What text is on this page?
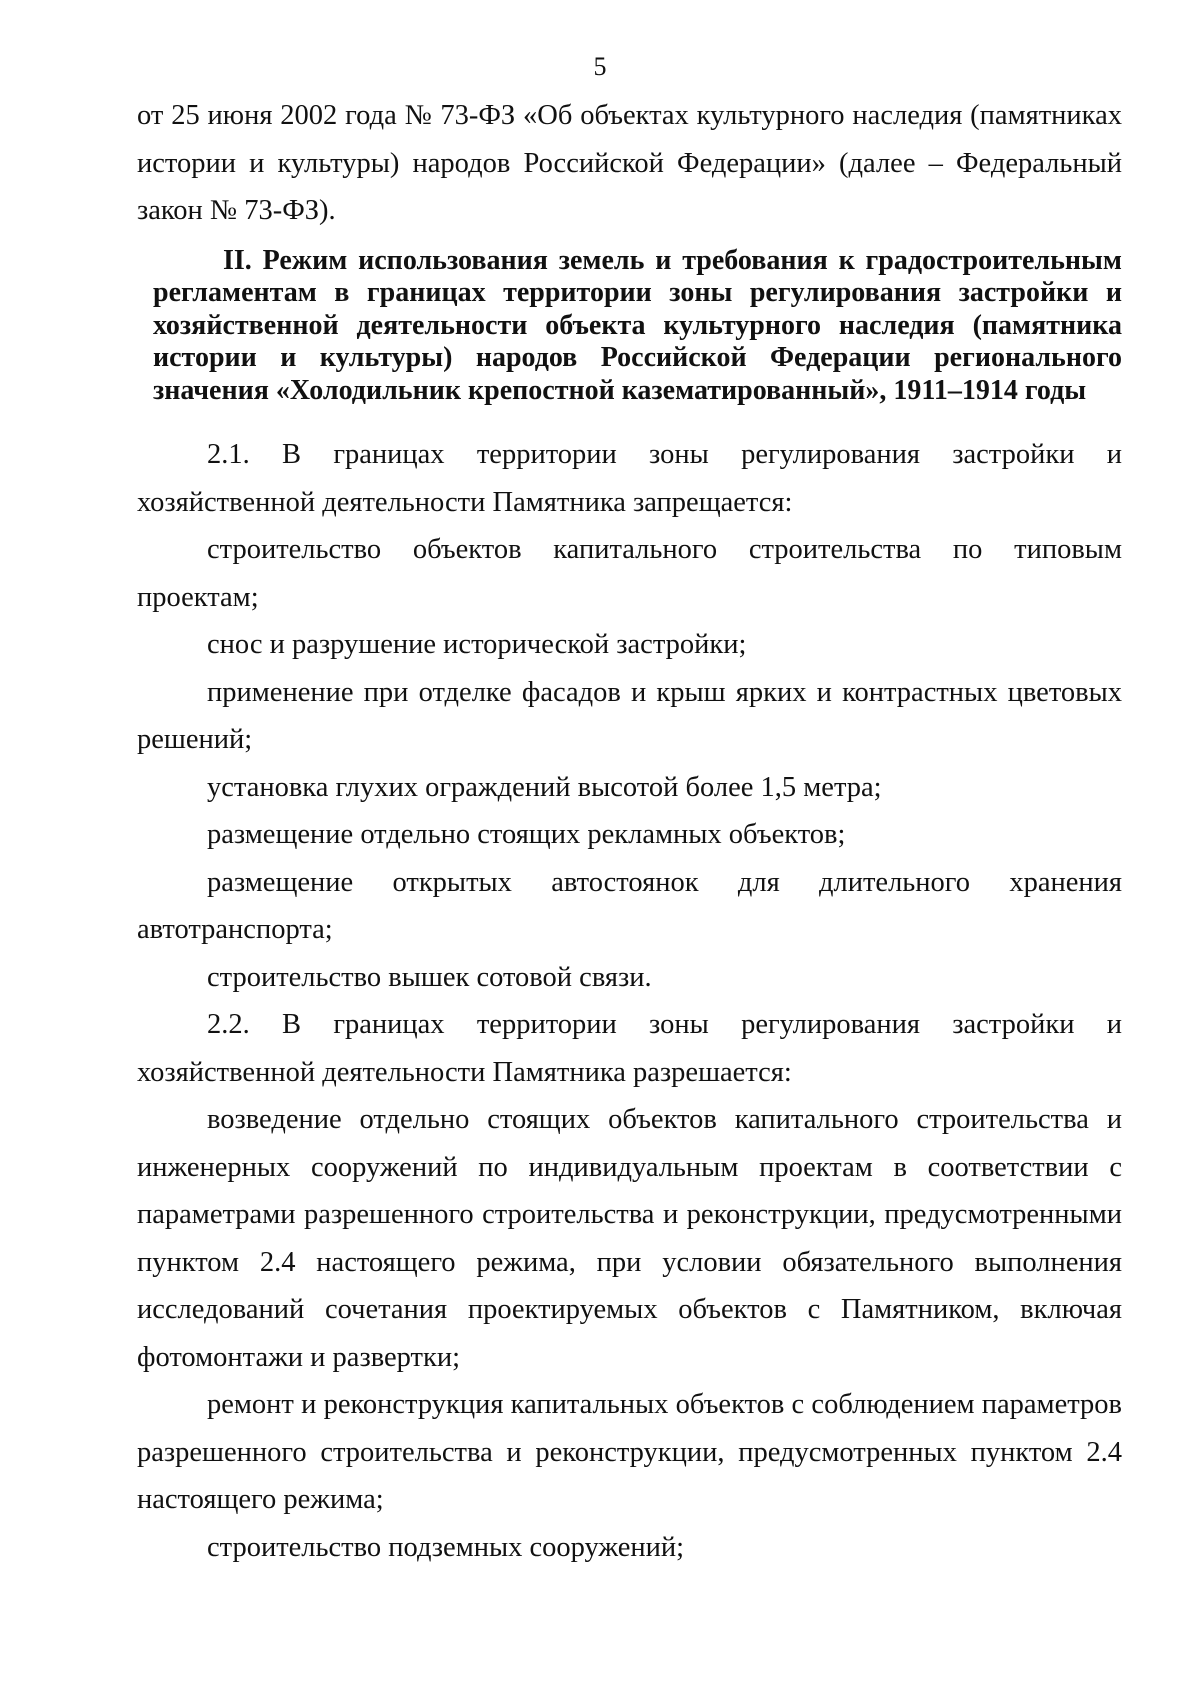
5

от 25 июня 2002 года № 73-ФЗ «Об объектах культурного наследия (памятниках истории и культуры) народов Российской Федерации» (далее – Федеральный закон № 73-ФЗ).

II. Режим использования земель и требования к градостроительным регламентам в границах территории зоны регулирования застройки и хозяйственной деятельности объекта культурного наследия (памятника истории и культуры) народов Российской Федерации регионального значения «Холодильник крепостной казематированный», 1911–1914 годы

2.1. В границах территории зоны регулирования застройки и хозяйственной деятельности Памятника запрещается:

строительство объектов капитального строительства по типовым проектам;

снос и разрушение исторической застройки;

применение при отделке фасадов и крыш ярких и контрастных цветовых решений;

установка глухих ограждений высотой более 1,5 метра;

размещение отдельно стоящих рекламных объектов;

размещение открытых автостоянок для длительного хранения автотранспорта;

строительство вышек сотовой связи.

2.2. В границах территории зоны регулирования застройки и хозяйственной деятельности Памятника разрешается:

возведение отдельно стоящих объектов капитального строительства и инженерных сооружений по индивидуальным проектам в соответствии с параметрами разрешенного строительства и реконструкции, предусмотренными пунктом 2.4 настоящего режима, при условии обязательного выполнения исследований сочетания проектируемых объектов с Памятником, включая фотомонтажи и развертки;

ремонт и реконструкция капитальных объектов с соблюдением параметров разрешенного строительства и реконструкции, предусмотренных пунктом 2.4 настоящего режима;

строительство подземных сооружений;
